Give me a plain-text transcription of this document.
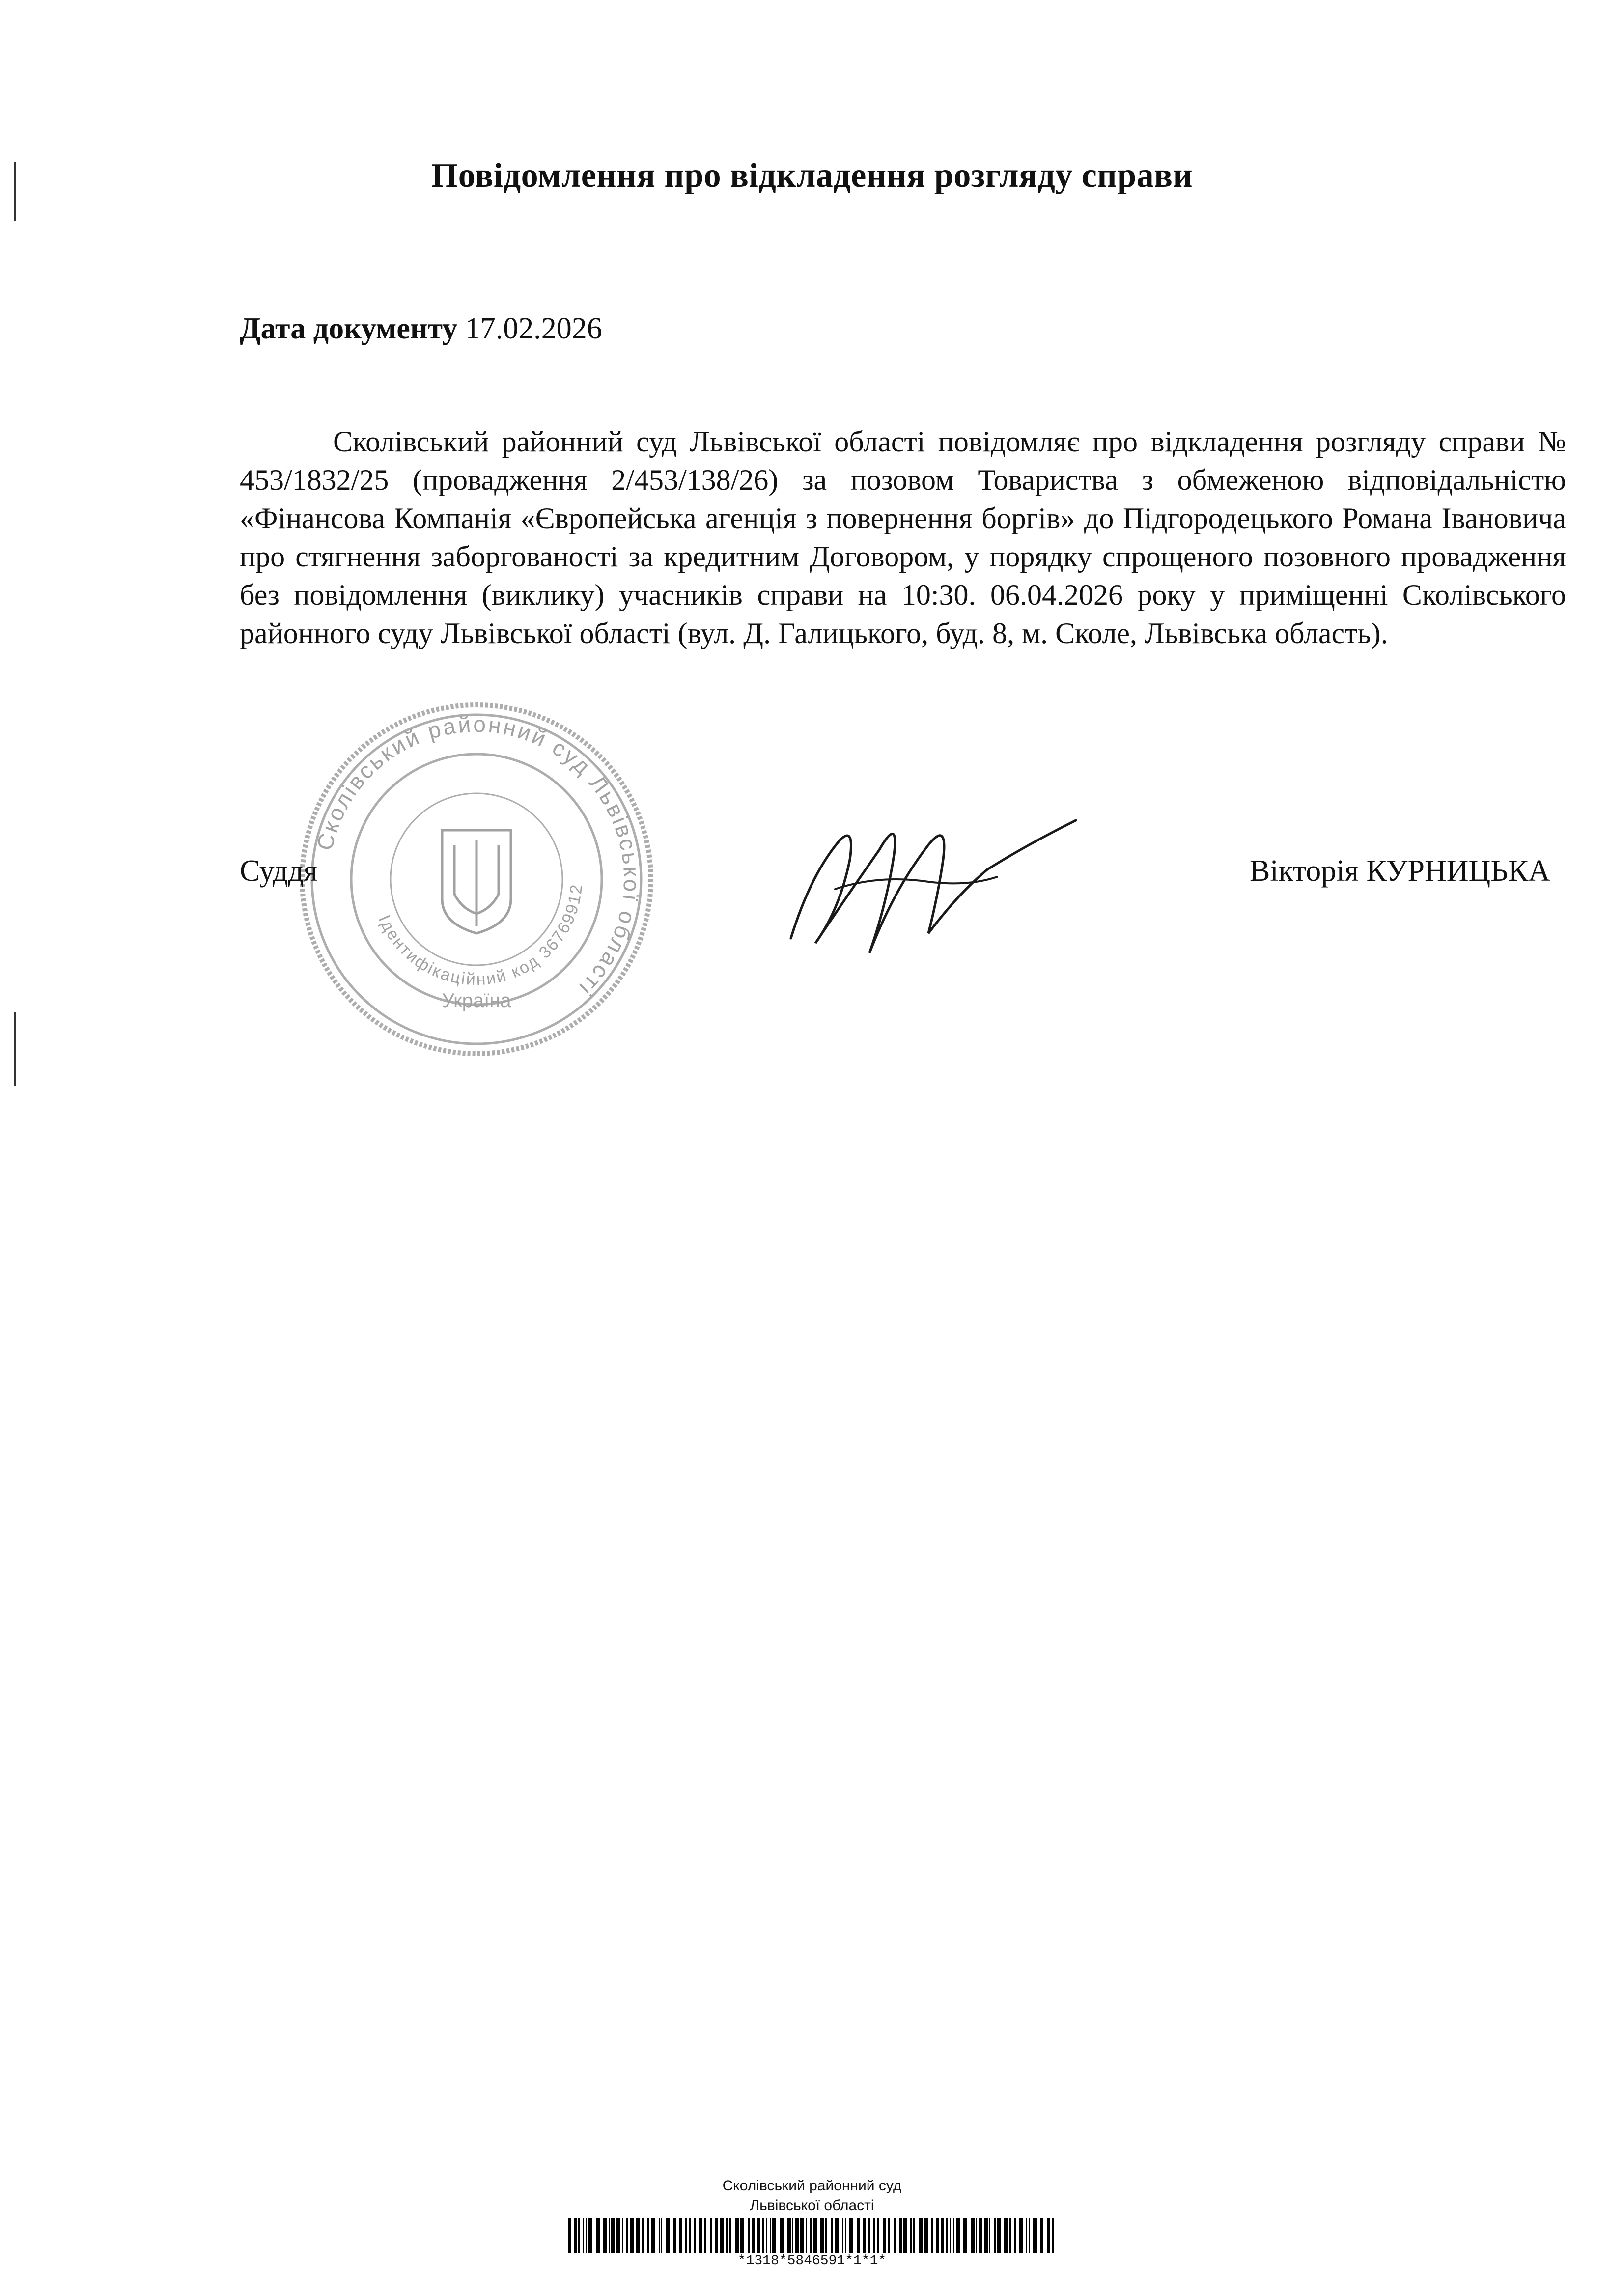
Повідомлення про відкладення розгляду справи
Дата документу 17.02.2026

Сколівський районний суд Львівської області повідомляє про відкладення розгляду справи № 453/1832/25 (провадження 2/453/138/26) за позовом Товариства з обмеженою відповідальністю «Фінансова Компанія «Європейська агенція з повернення боргів» до Підгородецького Романа Івановича про стягнення заборгованості за кредитним Договором, у порядку спрощеного позовного провадження без повідомлення (виклику) учасників справи на 10:30. 06.04.2026 року у приміщенні Сколівського районного суду Львівської області (вул. Д. Галицького, буд. 8, м. Сколе, Львівська область).

Сколівський районний суд Львівської області
Ідентифікаційний код 36769912
Україна
Суддя	Вікторія КУРНИЦЬКА
Сколівський районний суд
Львівської області
*1318*5846591*1*1*
